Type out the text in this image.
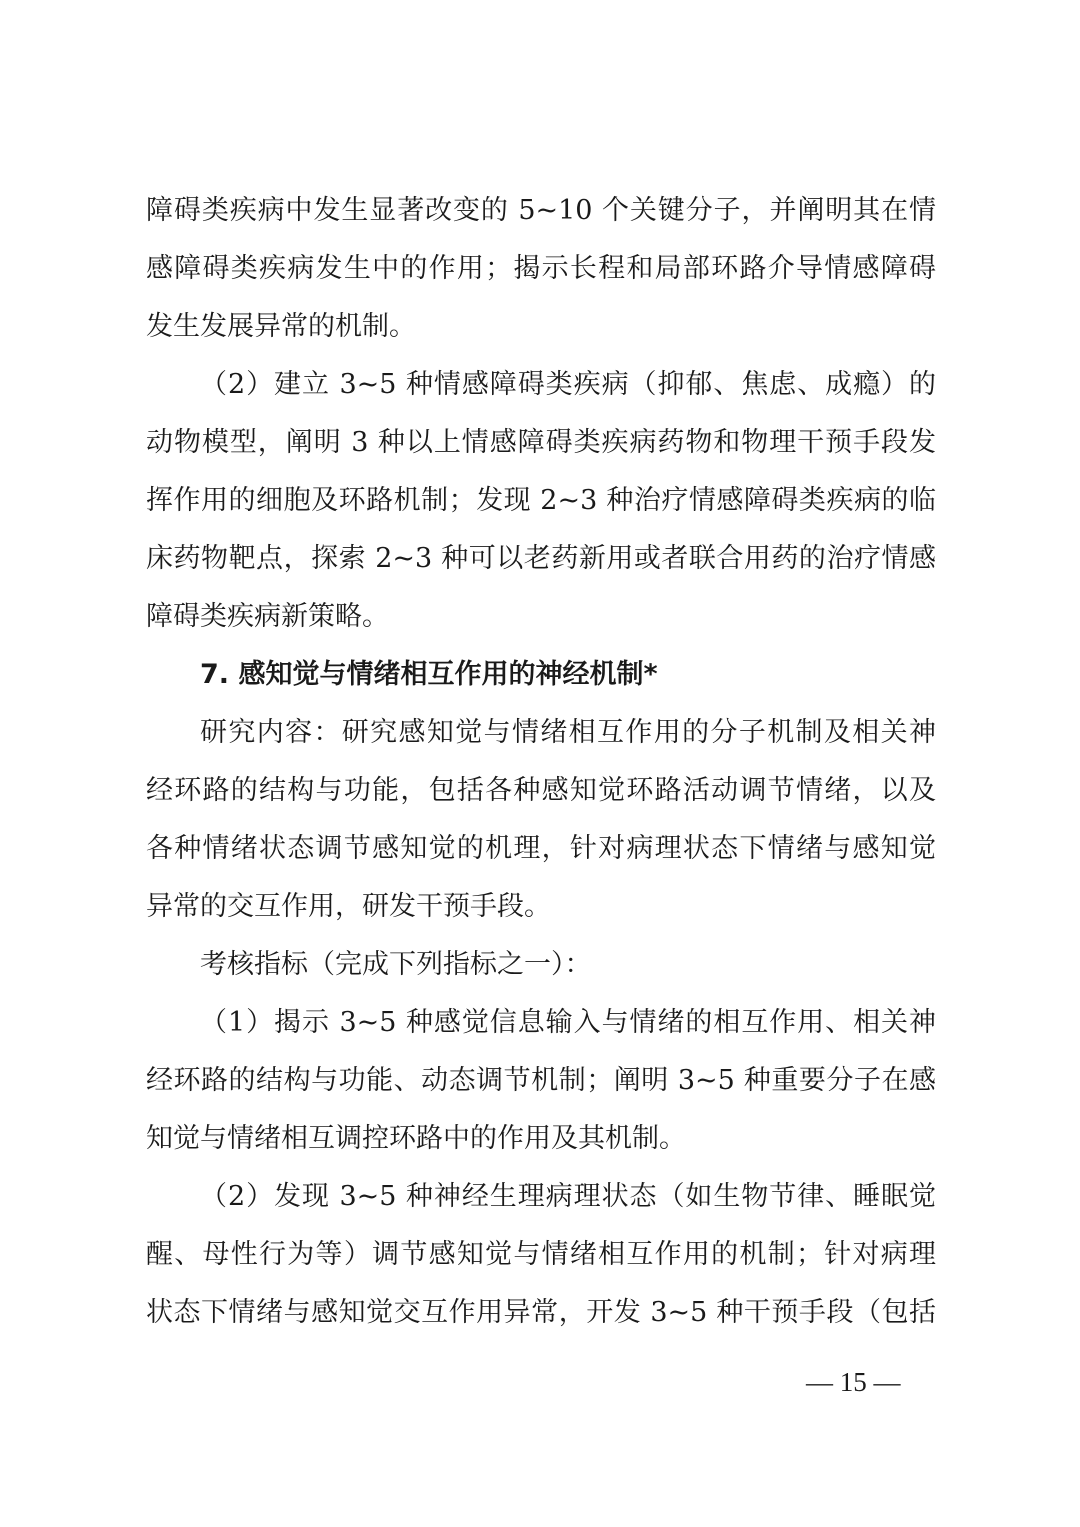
障碍类疾病中发生显著改变的 5~10 个关键分子，并阐明其在情
感障碍类疾病发生中的作用；揭示长程和局部环路介导情感障碍
发生发展异常的机制。
（2）建立 3~5 种情感障碍类疾病（抑郁、焦虑、成瘾）的
动物模型，阐明 3 种以上情感障碍类疾病药物和物理干预手段发
挥作用的细胞及环路机制；发现 2~3 种治疗情感障碍类疾病的临
床药物靶点，探索 2~3 种可以老药新用或者联合用药的治疗情感
障碍类疾病新策略。
7. 感知觉与情绪相互作用的神经机制*
研究内容：研究感知觉与情绪相互作用的分子机制及相关神
经环路的结构与功能，包括各种感知觉环路活动调节情绪，以及
各种情绪状态调节感知觉的机理，针对病理状态下情绪与感知觉
异常的交互作用，研发干预手段。
考核指标（完成下列指标之一）：
（1）揭示 3~5 种感觉信息输入与情绪的相互作用、相关神
经环路的结构与功能、动态调节机制；阐明 3~5 种重要分子在感
知觉与情绪相互调控环路中的作用及其机制。
（2）发现 3~5 种神经生理病理状态（如生物节律、睡眠觉
醒、母性行为等）调节感知觉与情绪相互作用的机制；针对病理
状态下情绪与感知觉交互作用异常，开发 3~5 种干预手段（包括
— 15 —
